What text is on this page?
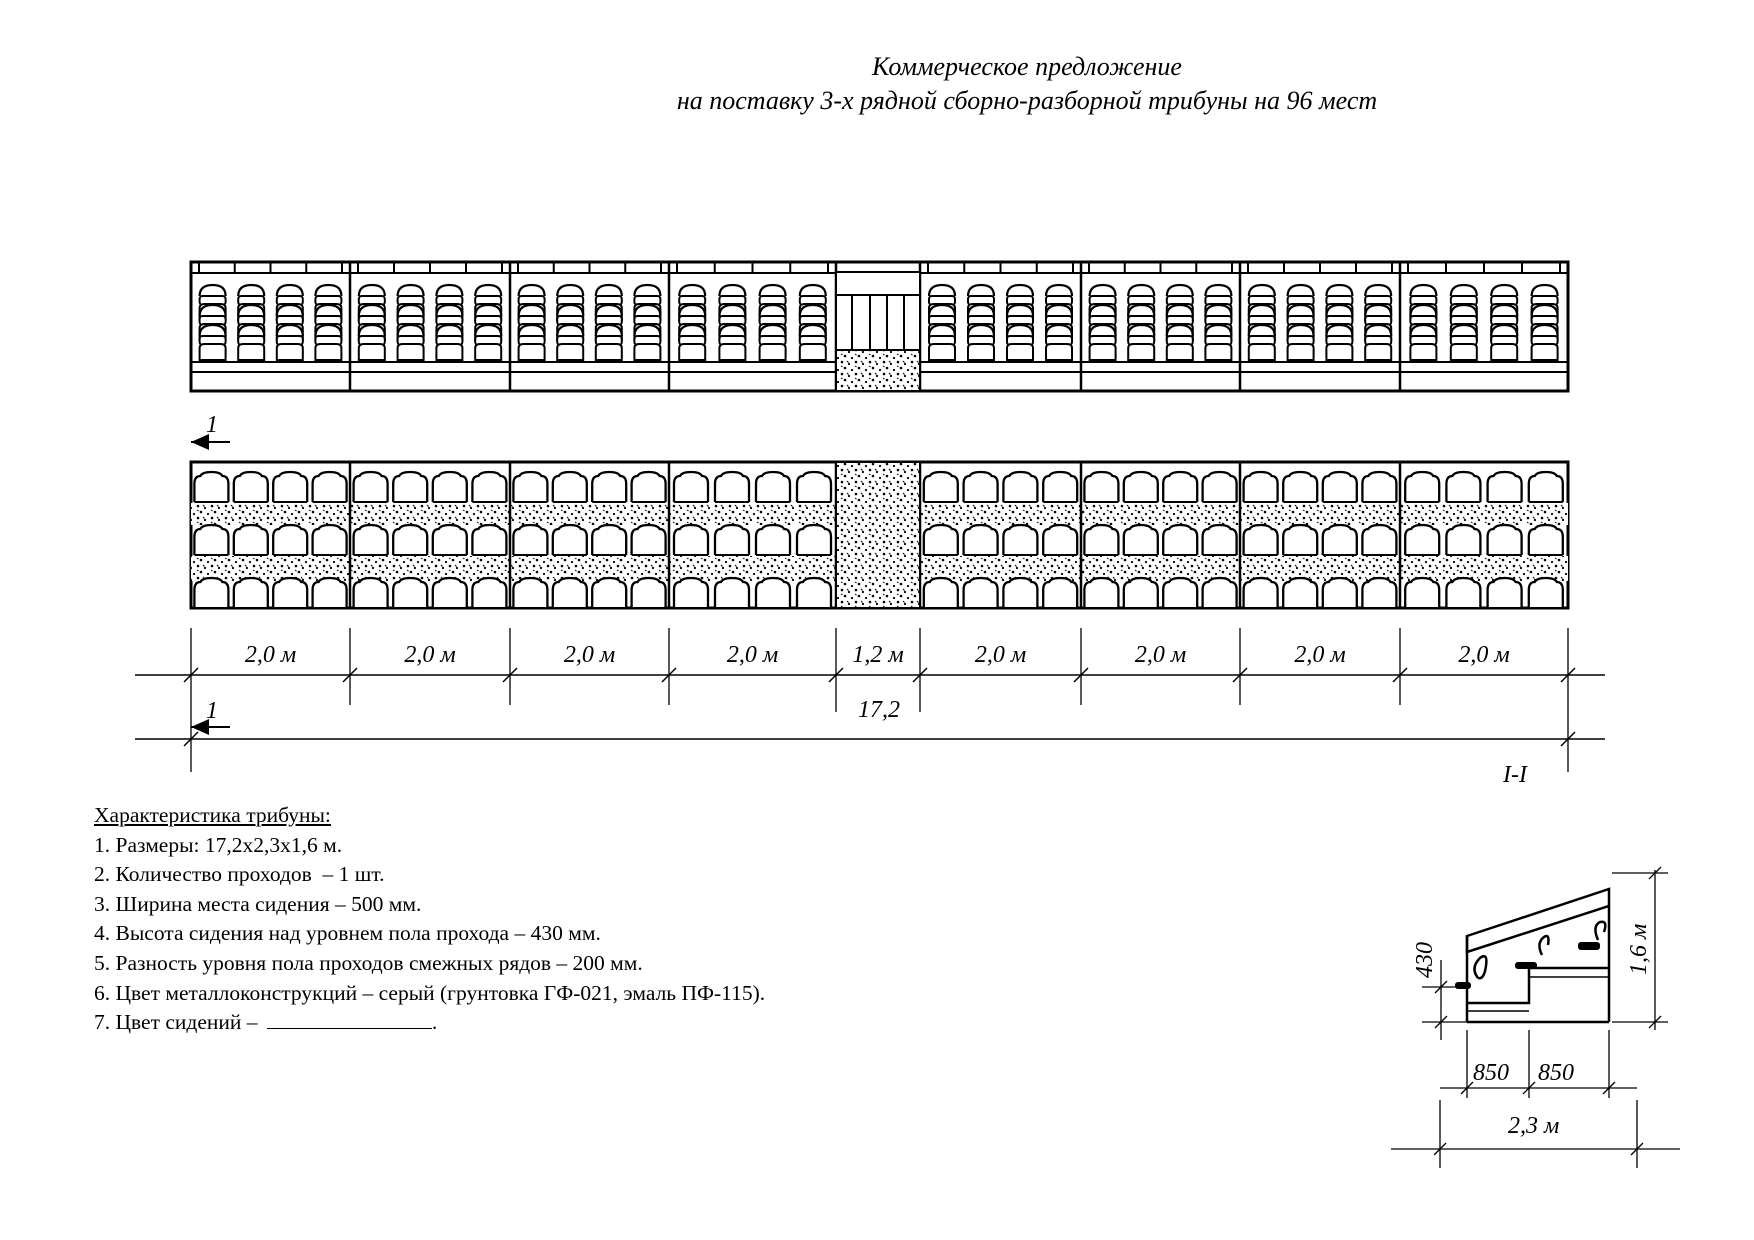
Коммерческое предложение
на поставку 3-х рядной сборно-разборной трибуны на 96 мест
1
2,0 м	2,0 м	2,0 м	2,0 м	1,2 м	2,0 м	2,0 м	2,0 м	2,0 м
17,2
1
I-I
430	1,6 м
850 850
2,3 м
Характеристика трибуны:
1. Размеры: 17,2х2,3х1,6 м.
2. Количество проходов  – 1 шт.
3. Ширина места сидения – 500 мм.
4. Высота сидения над уровнем пола прохода – 430 мм.
5. Разность уровня пола проходов смежных рядов – 200 мм.
6. Цвет металлоконструкций – серый (грунтовка ГФ-021, эмаль ПФ-115).
7. Цвет сидений –	.
